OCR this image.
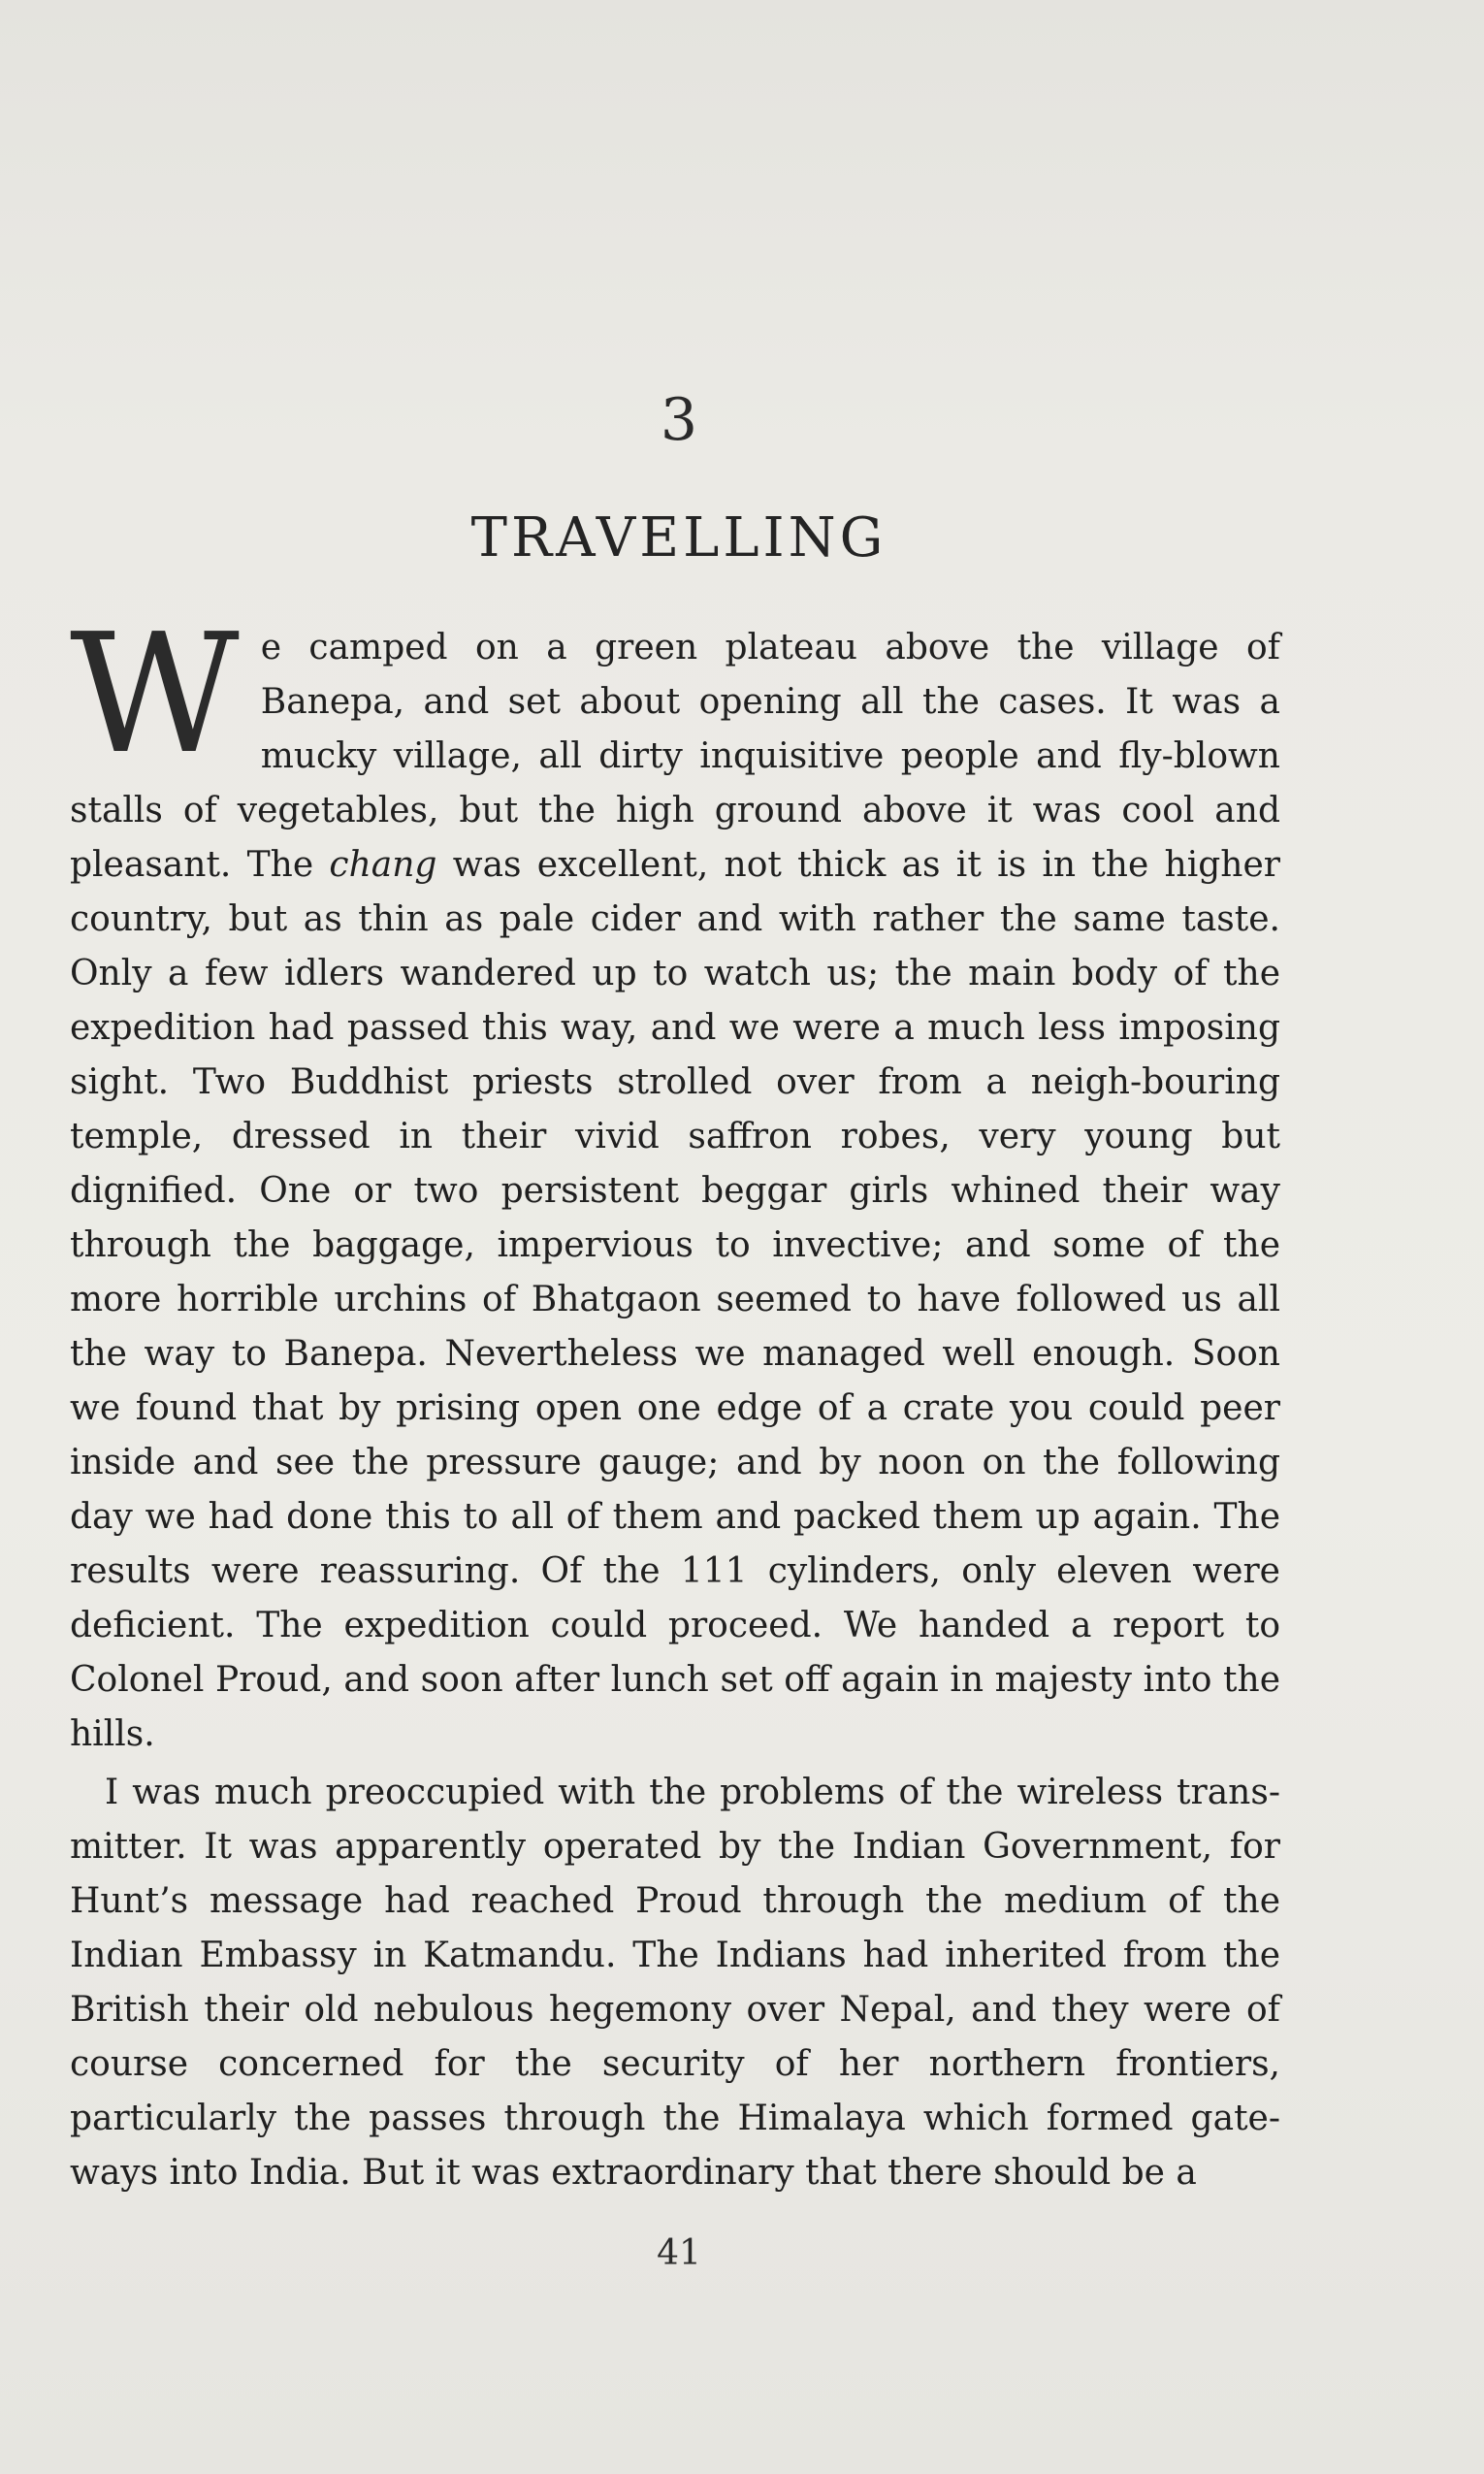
3
TRAVELLING

We camped on a green plateau above the village of Banepa, and set about opening all the cases. It was a mucky village, all dirty inquisitive people and fly-blown stalls of vegetables, but the high ground above it was cool and pleasant. The chang was excellent, not thick as it is in the higher country, but as thin as pale cider and with rather the same taste. Only a few idlers wandered up to watch us; the main body of the expedition had passed this way, and we were a much less imposing sight. Two Buddhist priests strolled over from a neigh-bouring temple, dressed in their vivid saffron robes, very young but dignified. One or two persistent beggar girls whined their way through the baggage, impervious to invective; and some of the more horrible urchins of Bhatgaon seemed to have followed us all the way to Banepa. Nevertheless we managed well enough. Soon we found that by prising open one edge of a crate you could peer inside and see the pressure gauge; and by noon on the following day we had done this to all of them and packed them up again. The results were reassuring. Of the 111 cylinders, only eleven were deficient. The expedition could proceed. We handed a report to Colonel Proud, and soon after lunch set off again in majesty into the hills.

I was much preoccupied with the problems of the wireless trans-mitter. It was apparently operated by the Indian Government, for Hunt’s message had reached Proud through the medium of the Indian Embassy in Katmandu. The Indians had inherited from the British their old nebulous hegemony over Nepal, and they were of course concerned for the security of her northern frontiers, particularly the passes through the Himalaya which formed gate-ways into India. But it was extraordinary that there should be a

41
